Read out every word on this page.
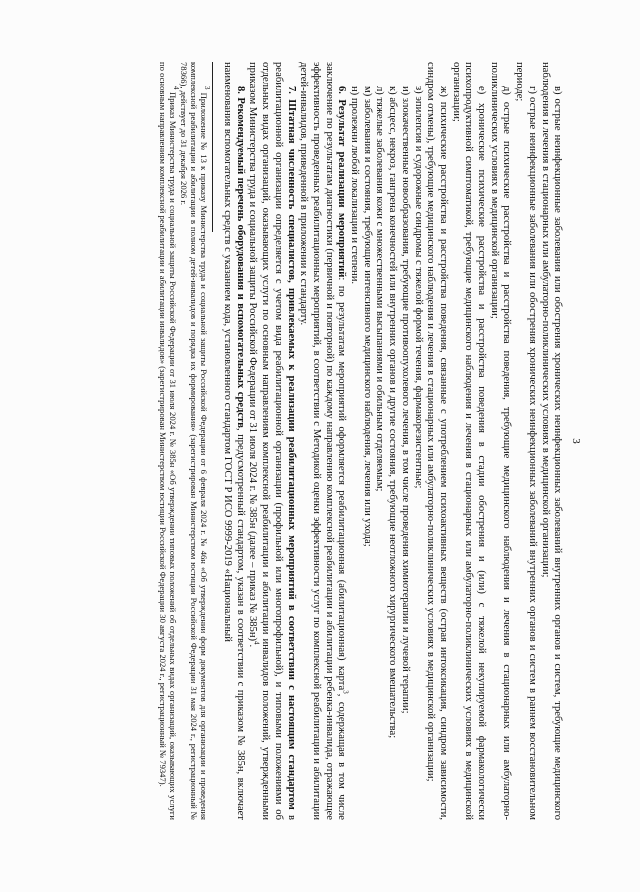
3

в) острые неинфекционные заболевания или обострения хронических неинфекционных заболеваний внутренних органов и систем, требующие медицинского наблюдения и лечения в стационарных или амбулаторно-поликлинических условиях в медицинской организации;

г) острые неинфекционные заболевания или обострения хронических неинфекционных заболеваний внутренних органов и систем в раннем восстановительном периоде;

д) острые психические расстройства и расстройства поведения, требующие медицинского наблюдения и лечения в стационарных или амбулаторно-поликлинических условиях в медицинской организации;

е) хронические психические расстройства и расстройства поведения в стадии обострения и (или) с тяжелой некупируемой фармакологически психопродуктивной симптоматикой, требующие медицинского наблюдения и лечения в стационарных или амбулаторно-поликлинических условиях в медицинской организации;

ж) психические расстройства и расстройства поведения, связанные с употреблением психоактивных веществ (острая интоксикация, синдром зависимости, синдром отмены), требующие медицинского наблюдения и лечения в стационарных или амбулаторно-поликлинических условиях в медицинской организации;

з) эпилепсия и судорожные синдромы с тяжелой формой течения, фармакорезистентные;

и) злокачественные новообразования, требующие противоопухолевого лечения, в том числе проведения химиотерапии и лучевой терапии;

к) абсцесс, некроз, гангрена конечностей или внутренних органов и другие состояния, требующие неотложного хирургического вмешательства;

л) тяжелые заболевания кожи с множественными высыпаниями и обильным отделяемым;

м) заболевания и состояния, требующие интенсивного медицинского наблюдения, лечения или ухода;

н) пролежни любой локализации и степени.

6. Результат реализации мероприятий: по результатам мероприятий оформляется реабилитационная (абилитационная) карта$^3$, содержащая в том числе заключение по результатам диагностики (первичной и повторной) по каждому направлению комплексной реабилитации и абилитации ребенка-инвалида, отражающее эффективность проведенных реабилитационных мероприятий, в соответствии с Методикой оценки эффективности услуг по комплексной реабилитации и абилитации детей-инвалидов, приведенной в приложении к стандарту.

7. Штатная численность специалистов, привлекаемых к реализации реабилитационных мероприятий в соответствии с настоящим стандартом в реабилитационной организации определяется с учетом вида реабилитационной организации (профильной или многопрофильной), и типовыми положениями об отдельных видах организаций, оказывающих услуги по основным направлениям комплексной реабилитации и абилитации инвалидов положений, утвержденными приказом Министерства труда и социальной защиты Российской Федерации от 31 июля 2024 г. № 385н (далее – приказ № 385н)$^4$.

8. Рекомендуемый перечень оборудования и вспомогательных средств, предусмотренный стандартом, указан в соответствии с приказом № 385н, включает наименования вспомогательных средств с указанием кода, установленного стандартом ГОСТ Р ИСО 9999-2019 «Национальный

$^3$ Приложение № 13 к приказу Министерства труда и социальной защиты Российской Федерации от 6 февраля 2024 г. № 46н «Об утверждении форм документов для организации и проведения комплексной реабилитации и абилитации в полном детей-инвалидов и порядка их формирования» (зарегистрирован Министерством юстиции Российской Федерации 31 мая 2024 г., регистрационный № 78366), действует до 31 декабря 2026 г.

$^4$ Приказ Министерства труда и социальной защиты Российской Федерации от 31 июля 2024 г. № 385н «Об утверждении типовых положений об отдельных видах организаций, оказывающих услуги по основным направлениям комплексной реабилитации и абилитации инвалидов» (зарегистрирован Министерством юстиции Российской Федерации 30 августа 2024 г., регистрационный № 79347).
